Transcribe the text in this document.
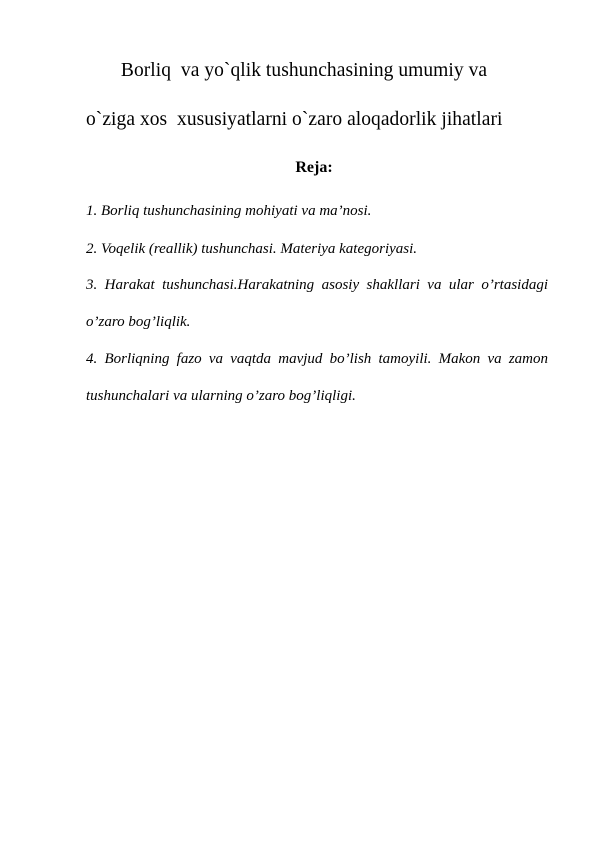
Borliq  va yo`qlik tushunchasining umumiy va
o`ziga xos  xususiyatlarni o`zaro aloqadorlik jihatlari
Reja:
1. Borliq tushunchasining mohiyati va ma’nosi.
2. Voqelik (reallik) tushunchasi. Materiya kategoriyasi.
3. Harakat tushunchasi.Harakatning asosiy shakllari va ular o’rtasidagi
o’zaro bog’liqlik.
4. Borliqning fazo va vaqtda mavjud bo’lish tamoyili. Makon va zamon
tushunchalari va ularning o’zaro bog’liqligi.
